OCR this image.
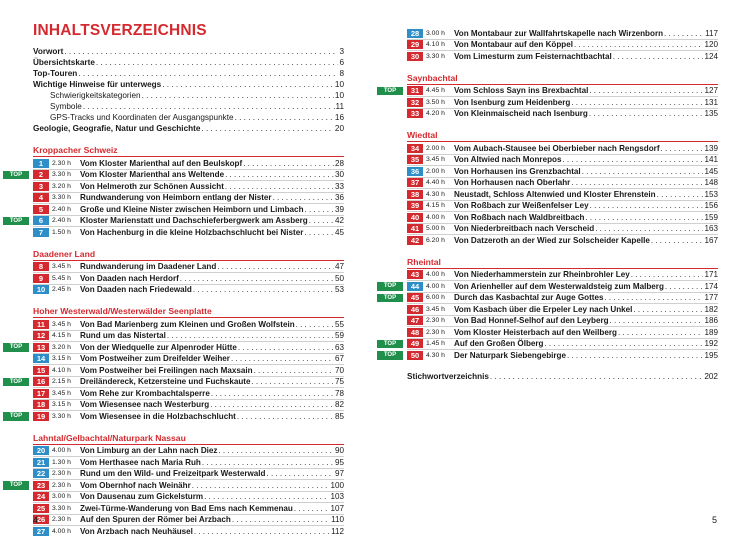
INHALTSVERZEICHNIS
Vorwort . . .	3
Übersichtskarte . . .	6
Top-Touren . . .	8
Wichtige Hinweise für unterwegs . . .	10
Schwierigkeitskategorien . . .	10
Symbole . . .	11
GPS-Tracks und Koordinaten der Ausgangspunkte . . .	16
Geologie, Geografie, Natur und Geschichte . . .	20
Kroppacher Schweiz
1	2.30 h	Vom Kloster Marienthal auf den Beulskopf . . .	28
TOP	2	3.30 h	Vom Kloster Marienthal ans Weltende . . .	30
3	3.20 h	Von Helmeroth zur Schönen Aussicht . . .	33
4	3.30 h	Rundwanderung von Heimborn entlang der Nister . . .	36
5	2.40 h	Große und Kleine Nister zwischen Heimborn und Limbach . . .	39
TOP	6	2.40 h	Kloster Marienstatt und Dachschieferbergwerk am Assberg . . .	42
7	1.50 h	Von Hachenburg in die kleine Holzbachschlucht bei Nister . . .	45
Daadener Land
8	3.45 h	Rundwanderung im Daadener Land . . .	47
9	5.45 h	Von Daaden nach Herdorf . . .	50
10	2.45 h	Von Daaden nach Friedewald . . .	53
Hoher Westerwald/Westerwälder Seenplatte
11	3.45 h	Von Bad Marienberg zum Kleinen und Großen Wolfstein . . .	55
12	4.15 h	Rund um das Nistertal . . .	59
TOP	13	3.20 h	Von der Wiedquelle zur Alpenroder Hütte . . .	63
14	3.15 h	Vom Postweiher zum Dreifelder Weiher . . .	67
15	4.10 h	Vom Postweiher bei Freilingen nach Maxsain . . .	70
TOP	16	2.15 h	Dreiländereck, Ketzersteine und Fuchskaute . . .	75
17	3.45 h	Vom Rehe zur Krombachtalsperre . . .	78
18	3.15 h	Vom Wiesensee nach Westerburg . . .	82
TOP	19	3.30 h	Vom Wiesensee in die Holzbachschlucht . . .	85
Lahntal/Gelbachtal/Naturpark Nassau
20	4.00 h	Von Limburg an der Lahn nach Diez . . .	90
21	1.30 h	Vom Herthasee nach Maria Ruh . . .	95
22	2.30 h	Rund um den Wild- und Freizeitpark Westerwald . . .	97
TOP	23	2.30 h	Vom Obernhof nach Weinähr . . .	100
24	3.00 h	Von Dausenau zum Gickelsturm . . .	103
25	3.30 h	Zwei-Türme-Wanderung von Bad Ems nach Kemmenau . . .	107
26	2.30 h	Auf den Spuren der Römer bei Arzbach . . .	110
27	4.00 h	Von Arzbach nach Neuhäusel . . .	112
28	3.00 h	Von Montabaur zur Wallfahrtskapelle nach Wirzenborn . . .	117
29	4.10 h	Von Montabaur auf den Köppel . . .	120
30	3.30 h	Vom Limesturm zum Feisternachtbachtal . . .	124
Saynbachtal
TOP	31	4.45 h	Vom Schloss Sayn ins Brexbachtal . . .	127
32	3.50 h	Von Isenburg zum Heidenberg . . .	131
33	4.20 h	Von Kleinmaischeid nach Isenburg . . .	135
Wiedtal
34	2.00 h	Vom Aubach-Stausee bei Oberbieber nach Rengsdorf . . .	139
35	3.45 h	Von Altwied nach Monrepos . . .	141
36	2.00 h	Von Horhausen ins Grenzbachtal . . .	145
37	4.40 h	Von Horhausen nach Oberlahr . . .	148
38	4.30 h	Neustadt, Schloss Altenwied und Kloster Ehrenstein . . .	153
39	4.15 h	Von Roßbach zur Weißenfelser Ley . . .	156
40	4.00 h	Von Roßbach nach Waldbreitbach . . .	159
41	5.00 h	Von Niederbreitbach nach Verscheid . . .	163
42	6.20 h	Von Datzeroth an der Wied zur Solscheider Kapelle . . .	167
Rheintal
43	4.00 h	Von Niederhammerstein zur Rheinbrohler Ley . . .	171
TOP	44	4.00 h	Von Arienheller auf dem Westerwaldsteig zum Malberg . . .	174
TOP	45	6.00 h	Durch das Kasbachtal zur Auge Gottes . . .	177
46	3.45 h	Vom Kasbach über die Erpeler Ley nach Unkel . . .	182
47	2.30 h	Von Bad Honnef-Selhof auf den Leyberg . . .	186
48	2.30 h	Vom Kloster Heisterbach auf den Weilberg . . .	189
TOP	49	1.45 h	Auf den Großen Ölberg . . .	192
TOP	50	4.30 h	Der Naturpark Siebengebirge . . .	195
Stichwortverzeichnis . . .	202
4	5
